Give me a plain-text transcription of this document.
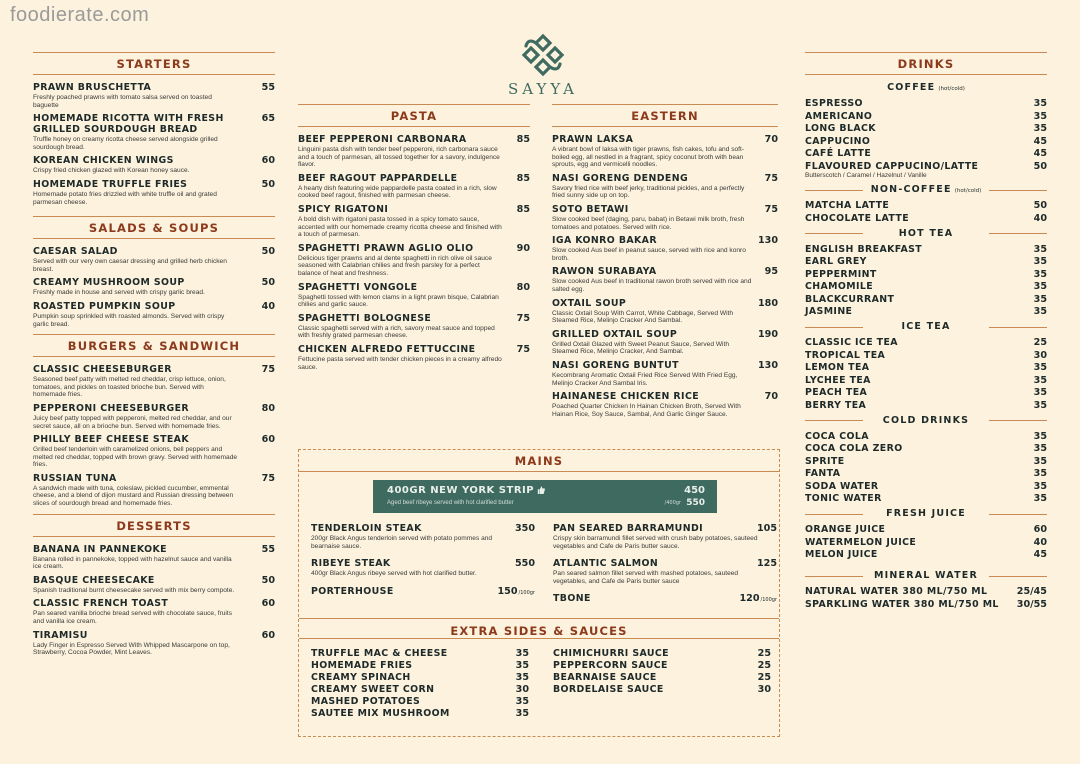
foodierate.com
SAYYA
STARTERS
PRAWN BRUSCHETTA	55
Freshly poached prawns with tomato salsa served on toasted baguette
HOMEMADE RICOTTA WITH FRESH GRILLED SOURDOUGH BREAD
65
Truffle honey on creamy ricotta cheese served alongside grilled sourdough bread.
KOREAN CHICKEN WINGS	60
Crispy fried chicken glazed with Korean honey sauce.
HOMEMADE TRUFFLE FRIES	50
Homemade potato fries drizzled with white truffle oil and grated parmesan cheese.
SALADS & SOUPS
CAESAR SALAD	50
Served with our very own caesar dressing and grilled herb chicken breast.
CREAMY MUSHROOM SOUP	50
Freshly made in house and served with crispy garlic bread.
ROASTED PUMPKIN SOUP	40
Pumpkin soup sprinkled with roasted almonds. Served with crispy garlic bread.
BURGERS & SANDWICH
CLASSIC CHEESEBURGER	75
Seasoned beef patty with melted red cheddar, crisp lettuce, onion, tomatoes, and pickles on toasted brioche bun. Served with homemade fries.
PEPPERONI CHEESEBURGER	80
Juicy beef patty topped with pepperoni, melted red cheddar, and our secret sauce, all on a brioche bun. Served with homemade fries.
PHILLY BEEF CHEESE STEAK	60
Grilled beef tenderloin with caramelized onions, bell peppers and melted red cheddar, topped with brown gravy. Served with homemade fries.
RUSSIAN TUNA	75
A sandwich made with tuna, coleslaw, pickled cucumber, emmental cheese, and a blend of dijon mustard and Russian dressing between slices of sourdough bread and homemade fries.
DESSERTS
BANANA IN PANNEKOKE	55
Banana rolled in pannekoke, topped with hazelnut sauce and vanilla ice cream.
BASQUE CHEESECAKE	50
Spanish traditional burnt cheesecake served with mix berry compote.
CLASSIC FRENCH TOAST	60
Pan seared vanilla brioche bread served with chocolate sauce, fruits and vanilla ice cream.
TIRAMISU	60
Lady Finger in Espresso Served With Whipped Mascarpone on top, Strawberry, Cocoa Powder, Mint Leaves.
PASTA
BEEF PEPPERONI CARBONARA	85
Linguini pasta dish with tender beef pepperoni, rich carbonara sauce and a touch of parmesan, all tossed together for a savory, indulgence flavor.
BEEF RAGOUT PAPPARDELLE	85
A hearty dish featuring wide pappardelle pasta coated in a rich, slow cooked beef ragout, finished with parmesan cheese.
SPICY RIGATONI	85
A bold dish with rigatoni pasta tossed in a spicy tomato sauce, accented with our homemade creamy ricotta cheese and finished with a touch of parmesan.
SPAGHETTI PRAWN AGLIO OLIO	90
Delicious tiger prawns and al dente spaghetti in rich olive oil sauce seasoned with Calabrian chilies and fresh parsley for a perfect balance of heat and freshness.
SPAGHETTI VONGOLE	80
Spaghetti tossed with lemon clams in a light prawn bisque, Calabrian chilies and garlic sauce.
SPAGHETTI BOLOGNESE	75
Classic spaghetti served with a rich, savory meat sauce and topped with freshly grated parmesan cheese.
CHICKEN ALFREDO FETTUCCINE	75
Fettucine pasta served with tender chicken pieces in a creamy alfredo sauce.
EASTERN
PRAWN LAKSA	70
A vibrant bowl of laksa with tiger prawns, fish cakes, tofu and soft-boiled egg, all nestled in a fragrant, spicy coconut broth with bean sprouts, egg and vermicelli noodles.
NASI GORENG DENDENG	75
Savory fried rice with beef jerky, traditional pickles, and a perfectly fried sunny side up on top.
SOTO BETAWI	75
Slow cooked beef (daging, paru, babat) in Betawi milk broth, fresh tomatoes and potatoes. Served with rice.
IGA KONRO BAKAR	130
Slow cooked Aus beef in peanut sauce, served with rice and konro broth.
RAWON SURABAYA	95
Slow cooked Aus beef in traditional rawon broth served with rice and salted egg.
OXTAIL SOUP	180
Classic Oxtail Soup With Carrot, White Cabbage, Served With Steamed Rice, Melinjo Cracker And Sambal.
GRILLED OXTAIL SOUP	190
Grilled Oxtail Glazed with Sweet Peanut Sauce, Served With Steamed Rice, Melinjo Cracker, And Sambal.
NASI GORENG BUNTUT	130
Kecombrang Aromatic Oxtail Fried Rice Served With Fried Egg, Melinjo Cracker And Sambal Iris.
HAINANESE CHICKEN RICE	70
Poached Quarter Chicken In Hainan Chicken Broth, Served With Hainan Rice, Soy Sauce, Sambal, And Garlic Ginger Sauce.
MAINS
400GR NEW YORK STRIP	450
Aged beef ribeye served with hot clarified butter	/400gr 550
TENDERLOIN STEAK	350
200gr Black Angus tenderloin served with potato pommes and bearnaise sauce.
RIBEYE STEAK	550
400gr Black Angus ribeye served with hot clarified butter.
PORTERHOUSE	150/100gr
PAN SEARED BARRAMUNDI	105
Crispy skin barramundi fillet served with crush baby potatoes, sauteed vegetables and Cafe de Paris butter sauce.
ATLANTIC SALMON	125
Pan seared salmon fillet served with mashed potatoes, sauteed vegetables, and Cafe de Paris butter sauce
TBONE	120/100gr
EXTRA SIDES & SAUCES
TRUFFLE MAC & CHEESE	35
HOMEMADE FRIES	35
CREAMY SPINACH	35
CREAMY SWEET CORN	30
MASHED POTATOES	35
SAUTEE MIX MUSHROOM	35
CHIMICHURRI SAUCE	25
PEPPERCORN SAUCE	25
BEARNAISE SAUCE	25
BORDELAISE SAUCE	30
DRINKS
COFFEE (hot/cold)
ESPRESSO	35
AMERICANO	35
LONG BLACK	35
CAPPUCINO	45
CAFÉ LATTE	45
FLAVOURED CAPPUCINO/LATTE	50
Butterscotch / Caramel / Hazelnut / Vanille
NON-COFFEE (hot/cold)
MATCHA LATTE	50
CHOCOLATE LATTE	40
HOT TEA
ENGLISH BREAKFAST	35
EARL GREY	35
PEPPERMINT	35
CHAMOMILE	35
BLACKCURRANT	35
JASMINE	35
ICE TEA
CLASSIC ICE TEA	25
TROPICAL TEA	30
LEMON TEA	35
LYCHEE TEA	35
PEACH TEA	35
BERRY TEA	35
COLD DRINKS
COCA COLA	35
COCA COLA ZERO	35
SPRITE	35
FANTA	35
SODA WATER	35
TONIC WATER	35
FRESH JUICE
ORANGE JUICE	60
WATERMELON JUICE	40
MELON JUICE	45
MINERAL WATER
NATURAL WATER 380 ML/750 ML	25/45
SPARKLING WATER 380 ML/750 ML 30/55
